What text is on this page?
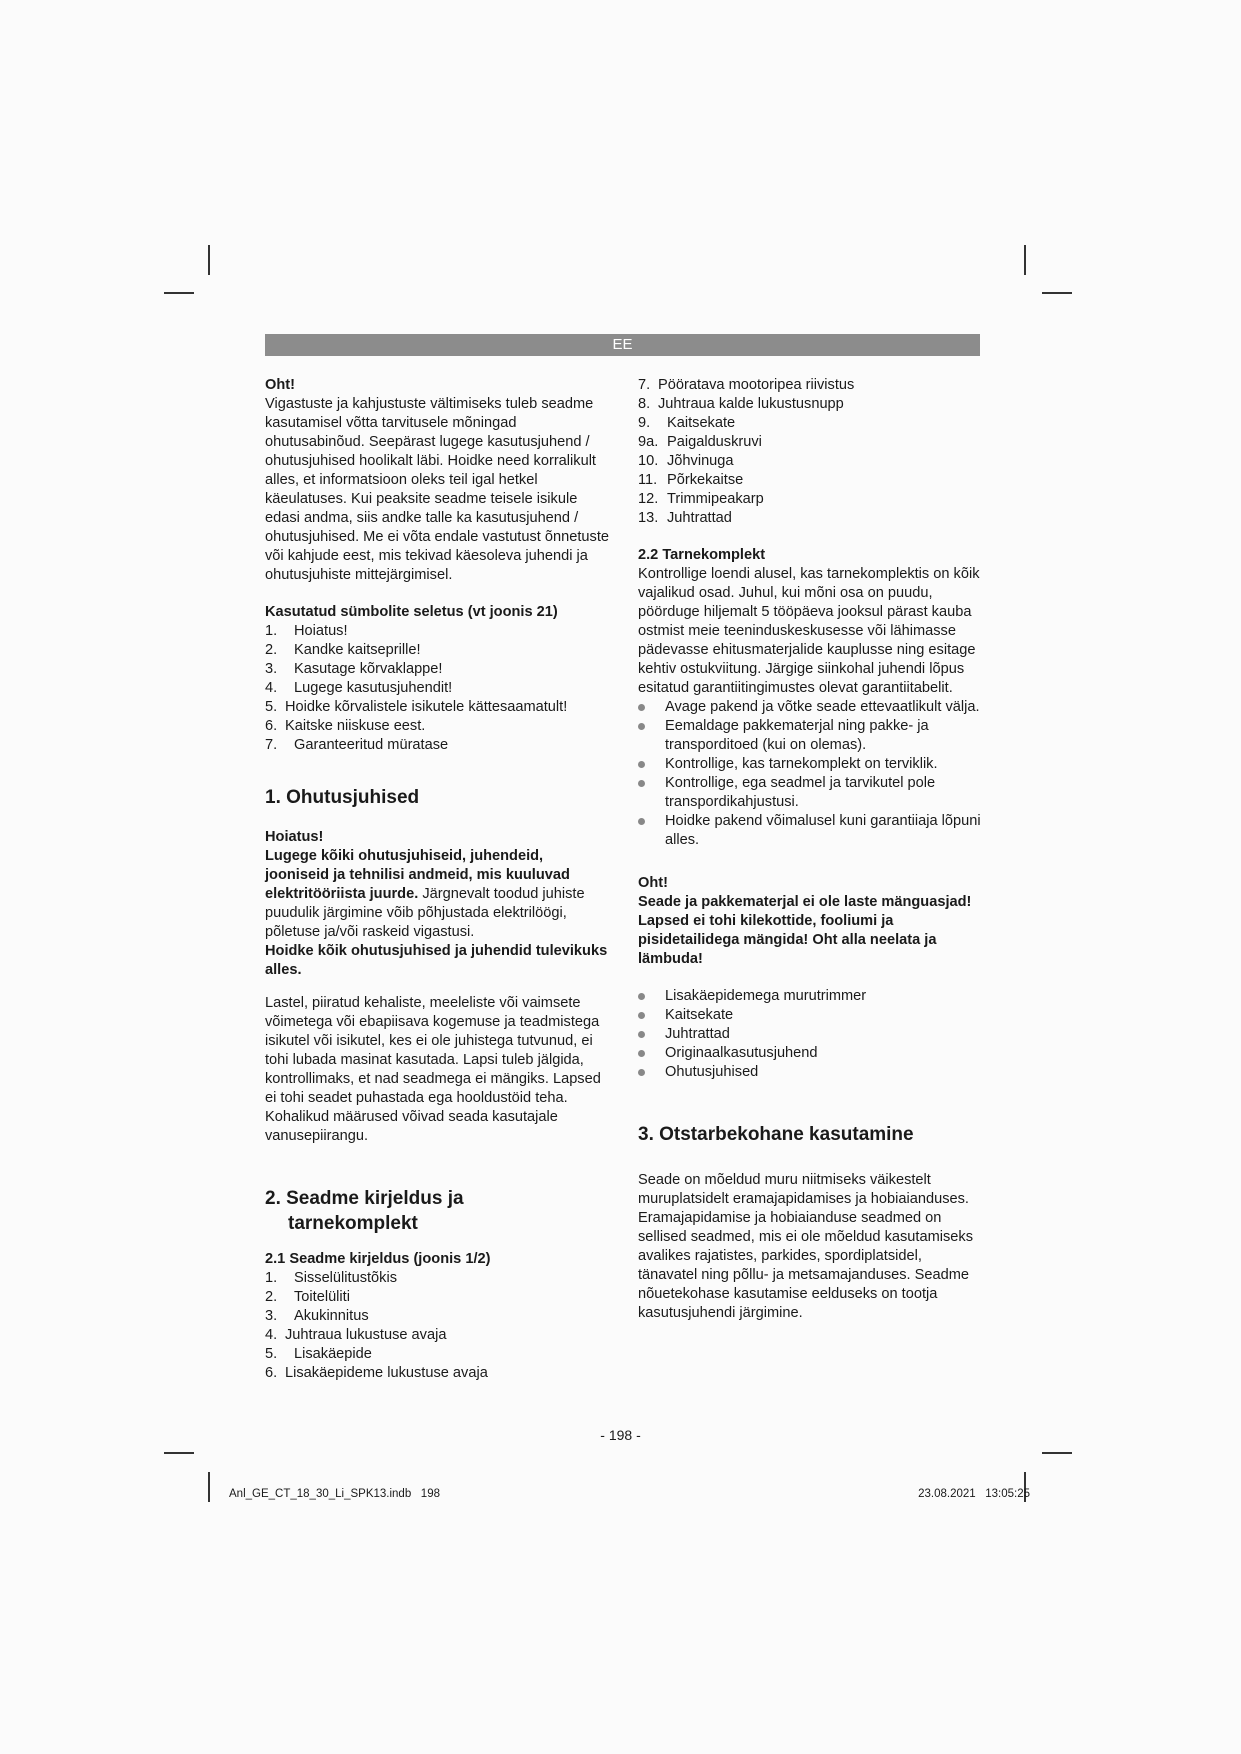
EE

Oht!

Vigastuste ja kahjustuste vältimiseks tuleb seadme kasutamisel võtta tarvitusele mõningad ohutusabinõud. Seepärast lugege kasutusjuhend / ohutusjuhised hoolikalt läbi. Hoidke need korralikult alles, et informatsioon oleks teil igal hetkel käeulatuses. Kui peaksite seadme teisele isikule edasi andma, siis andke talle ka kasutusjuhend / ohutusjuhised. Me ei võta endale vastutust õnnetuste või kahjude eest, mis tekivad käesoleva juhendi ja ohutusjuhiste mittejärgimisel.

Kasutatud sümbolite seletus (vt joonis 21)

1. Hoiatus!
2. Kandke kaitseprille!
3. Kasutage kõrvaklappe!
4. Lugege kasutusjuhendit!
5. Hoidke kõrvalistele isikutele kättesaamatult!
6. Kaitske niiskuse eest.
7. Garanteeritud müratase

1. Ohutusjuhised

Hoiatus!

Lugege kõiki ohutusjuhiseid, juhendeid, jooniseid ja tehnilisi andmeid, mis kuuluvad elektritööriista juurde. Järgnevalt toodud juhiste puudulik järgimine võib põhjustada elektrilöögi, põletuse ja/või raskeid vigastusi.

Hoidke kõik ohutusjuhised ja juhendid tulevikuks alles.

Lastel, piiratud kehaliste, meeleliste või vaimsete võimetega või ebapiisava kogemuse ja teadmistega isikutel või isikutel, kes ei ole juhistega tutvunud, ei tohi lubada masinat kasutada. Lapsi tuleb jälgida, kontrollimaks, et nad seadmega ei mängiks. Lapsed ei tohi seadet puhastada ega hooldustöid teha.

Kohalikud määrused võivad seada kasutajale vanusepiirangu.

2. Seadme kirjeldus ja
tarnekomplekt

2.1 Seadme kirjeldus (joonis 1/2)

1. Sisselülitustõkis
2. Toitelüliti
3. Akukinnitus
4. Juhtraua lukustuse avaja
5. Lisakäepide
6. Lisakäepideme lukustuse avaja
7. Pööratava mootoripea riivistus
8. Juhtraua kalde lukustusnupp
9. Kaitsekate
9a. Paigalduskruvi
10. Jõhvinuga
11. Põrkekaitse
12. Trimmipeakarp
13. Juhtrattad

2.2 Tarnekomplekt

Kontrollige loendi alusel, kas tarnekomplektis on kõik vajalikud osad. Juhul, kui mõni osa on puudu, pöörduge hiljemalt 5 tööpäeva jooksul pärast kauba ostmist meie teeninduskeskusesse või lähimasse pädevasse ehitusmaterjalide kauplusse ning esitage kehtiv ostukviitung. Järgige siinkohal juhendi lõpus esitatud garantiitingimustes olevat garantiitabelit.

Avage pakend ja võtke seade ettevaatlikult välja.
Eemaldage pakkematerjal ning pakke- ja transporditoed (kui on olemas).
Kontrollige, kas tarnekomplekt on terviklik.
Kontrollige, ega seadmel ja tarvikutel pole transpordikahjustusi.
Hoidke pakend võimalusel kuni garantiiaja lõpuni alles.

Oht!

Seade ja pakkematerjal ei ole laste mänguasjad! Lapsed ei tohi kilekottide, fooliumi ja pisidetailidega mängida! Oht alla neelata ja lämbuda!

Lisakäepidemega murutrimmer
Kaitsekate
Juhtrattad
Originaalkasutusjuhend
Ohutusjuhised

3. Otstarbekohane kasutamine

Seade on mõeldud muru niitmiseks väikestelt muruplatsidelt eramajapidamises ja hobiaianduses. Eramajapidamise ja hobiaianduse seadmed on sellised seadmed, mis ei ole mõeldud kasutamiseks avalikes rajatistes, parkides, spordiplatsidel, tänavatel ning põllu- ja metsamajanduses. Seadme nõuetekohase kasutamise eelduseks on tootja kasutusjuhendi järgimine.

- 198 -
Anl_GE_CT_18_30_Li_SPK13.indb   198	23.08.2021   13:05:25
